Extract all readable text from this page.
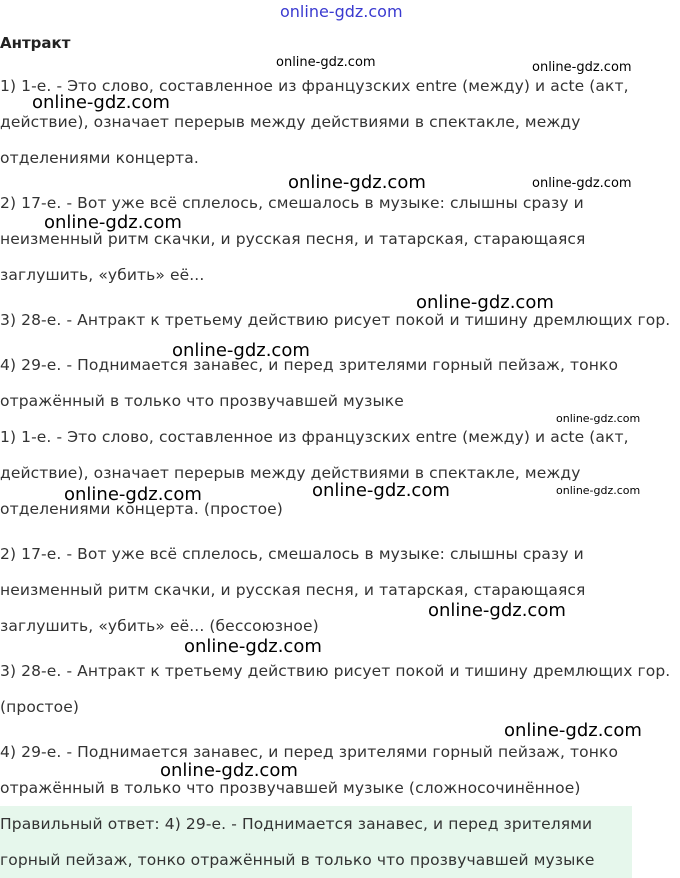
online-gdz.com
Антракт
1) 1-е. - Это слово, составленное из французских entre (между) и acte (акт,
действие), означает перерыв между действиями в спектакле, между
отделениями концерта.
2) 17-е. - Вот уже всё сплелось, смешалось в музыке: слышны сразу и
неизменный ритм скачки, и русская песня, и татарская, старающаяся
заглушить, «убить» её...
3) 28-е. - Антракт к третьему действию рисует покой и тишину дремлющих гор.
4) 29-е. - Поднимается занавес, и перед зрителями горный пейзаж, тонко
отражённый в только что прозвучавшей музыке
1) 1-е. - Это слово, составленное из французских entre (между) и acte (акт,
действие), означает перерыв между действиями в спектакле, между
отделениями концерта. (простое)
2) 17-е. - Вот уже всё сплелось, смешалось в музыке: слышны сразу и
неизменный ритм скачки, и русская песня, и татарская, старающаяся
заглушить, «убить» её... (бессоюзное)
3) 28-е. - Антракт к третьему действию рисует покой и тишину дремлющих гор.
(простое)
4) 29-е. - Поднимается занавес, и перед зрителями горный пейзаж, тонко
отражённый в только что прозвучавшей музыке (сложносочинённое)
Правильный ответ: 4) 29-е. - Поднимается занавес, и перед зрителями
горный пейзаж, тонко отражённый в только что прозвучавшей музыке
online-gdz.com	online-gdz.com
online-gdz.com
online-gdz.com	online-gdz.com
online-gdz.com
online-gdz.com
online-gdz.com
online-gdz.com
online-gdz.com	online-gdz.com	online-gdz.com
online-gdz.com
online-gdz.com
online-gdz.com
online-gdz.com
